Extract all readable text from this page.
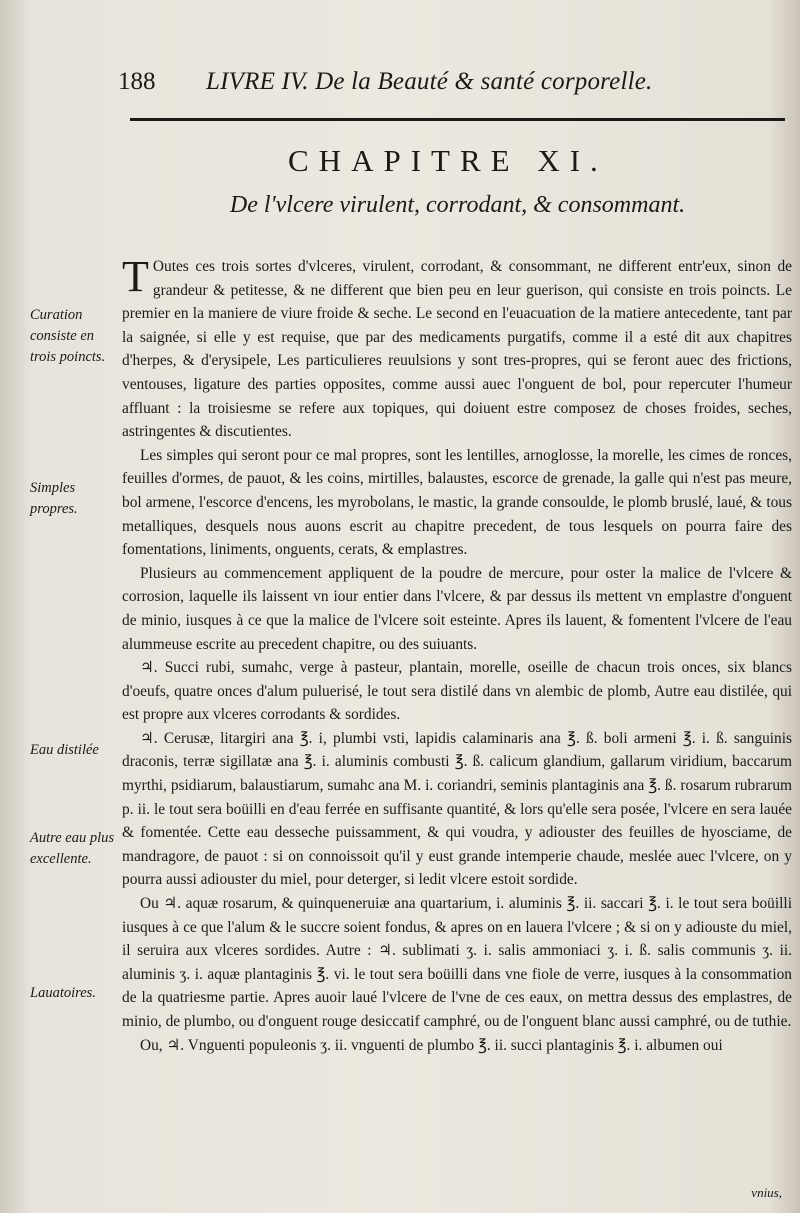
188 LIVRE IV. De la Beauté & santé corporelle.
CHAPITRE XI.
De l'vlcere virulent, corrodant, & consommant.
Curation consiste en trois poincts.
Simples propres.
Eau distilée
Autre eau plus excellente.
Lauatoires.

T Outes ces trois sortes d'vlceres, virulent, corrodant, & consommant, ne different entr'eux, sinon de grandeur & petitesse, & ne different que bien peu en leur guerison, qui consiste en trois poincts. Le premier en la maniere de viure froide & seche. Le second en l'euacuation de la matiere antecedente, tant par la saignée, si elle y est requise, que par des medicaments purgatifs, comme il a esté dit aux chapitres d'herpes, & d'erysipele, Les particulieres reuulsions y sont tres-propres, qui se feront auec des frictions, ventouses, ligature des parties opposites, comme aussi auec l'onguent de bol, pour repercuter l'humeur affluant : la troisiesme se refere aux topiques, qui doiuent estre composez de choses froides, seches, astringentes & discutientes.

Les simples qui seront pour ce mal propres, sont les lentilles, arnoglosse, la morelle, les cimes de ronces, feuilles d'ormes, de pauot, & les coins, mirtilles, balaustes, escorce de grenade, la galle qui n'est pas meure, bol armene, l'escorce d'encens, les myrobolans, le mastic, la grande consoulde, le plomb bruslé, laué, & tous metalliques, desquels nous auons escrit au chapitre precedent, de tous lesquels on pourra faire des fomentations, liniments, onguents, cerats, & emplastres.

Plusieurs au commencement appliquent de la poudre de mercure, pour oster la malice de l'vlcere & corrosion, laquelle ils laissent vn iour entier dans l'vlcere, & par dessus ils mettent vn emplastre d'onguent de minio, iusques à ce que la malice de l'vlcere soit esteinte. Apres ils lauent, & fomentent l'vlcere de l'eau alummeuse escrite au precedent chapitre, ou des suiuants.

♃. Succi rubi, sumahc, verge à pasteur, plantain, morelle, oseille de chacun trois onces, six blancs d'oeufs, quatre onces d'alum puluerisé, le tout sera distilé dans vn alembic de plomb, Autre eau distilée, qui est propre aux vlceres corrodants & sordides.

♃. Cerusæ, litargiri ana ℥. i, plumbi vsti, lapidis calaminaris ana ℥. ß. boli armeni ℥. i. ß. sanguinis draconis, terræ sigillatæ ana ℥. i. aluminis combusti ℥. ß. calicum glandium, gallarum viridium, baccarum myrthi, psidiarum, balaustiarum, sumahc ana M. i. coriandri, seminis plantaginis ana ℥. ß. rosarum rubrarum p. ii. le tout sera boüilli en d'eau ferrée en suffisante quantité, & lors qu'elle sera posée, l'vlcere en sera lauée & fomentée. Cette eau desseche puissamment, & qui voudra, y adiouster des feuilles de hyosciame, de mandragore, de pauot : si on connoissoit qu'il y eust grande intemperie chaude, meslée auec l'vlcere, on y pourra aussi adiouster du miel, pour deterger, si ledit vlcere estoit sordide.

Ou ♃. aquæ rosarum, & quinqueneruiæ ana quartarium, i. aluminis ℥. ii. saccari ℥. i. le tout sera boüilli iusques à ce que l'alum & le succre soient fondus, & apres on en lauera l'vlcere ; & si on y adiouste du miel, il seruira aux vlceres sordides. Autre : ♃. sublimati ʒ. i. salis ammoniaci ʒ. i. ß. salis communis ʒ. ii. aluminis ʒ. i. aquæ plantaginis ℥. vi. le tout sera boüilli dans vne fiole de verre, iusques à la consommation de la quatriesme partie. Apres auoir laué l'vlcere de l'vne de ces eaux, on mettra dessus des emplastres, de minio, de plumbo, ou d'onguent rouge desiccatif camphré, ou de l'onguent blanc aussi camphré, ou de tuthie.

Ou, ♃. Vnguenti populeonis ʒ. ii. vnguenti de plumbo ℥. ii. succi plantaginis ℥. i. albumen oui

vnius,
